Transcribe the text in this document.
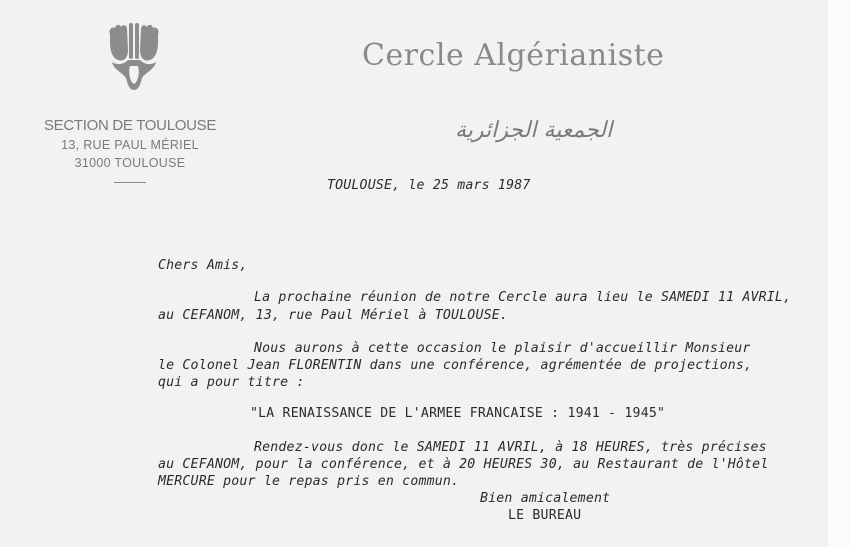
SECTION DE TOULOUSE
13, RUE PAUL MÉRIEL
31000 TOULOUSE
Cercle Algérianiste
الجمعية الجزائرية
TOULOUSE, le 25 mars 1987
Chers Amis,
La prochaine réunion de notre Cercle aura lieu le SAMEDI 11 AVRIL,
au CEFANOM, 13, rue Paul Mériel à TOULOUSE.
Nous aurons à cette occasion le plaisir d'accueillir Monsieur
le Colonel Jean FLORENTIN dans une conférence, agrémentée de projections,
qui a pour titre :
"LA RENAISSANCE DE L'ARMEE FRANCAISE : 1941 - 1945"
Rendez-vous donc le SAMEDI 11 AVRIL, à 18 HEURES, très précises
au CEFANOM, pour la conférence, et à 20 HEURES 30, au Restaurant de l'Hôtel
MERCURE pour le repas pris en commun.
Bien amicalement
LE BUREAU
